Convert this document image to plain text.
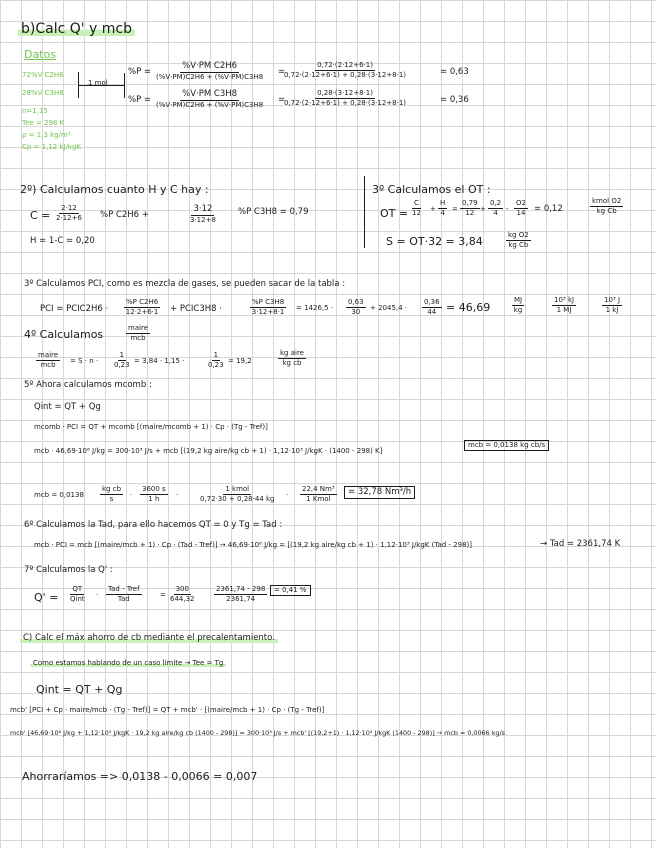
b)Calc Q' y mcb
Datos
72%V C2H6
28%V C3H8
n=1,15
Tee = 298 K
ρ = 1,3 kg/m³
Cp = 1,12 kJ/kgK
1 mol
%P =
%V·PM C2H6
(%V·PM)C2H6 + (%V·PM)C3H8 =
$\frac{0,72\cdot(2\cdot 12+6\cdot 1)}{0,72\cdot(2\cdot 12+6\cdot 1) + 0,28\cdot(3\cdot 12+8\cdot 1)}$	= 0,63
%P =
%V·PM C3H8
(%V·PM)C2H6 + (%V·PM)C3H8 =
$\frac{0,28\cdot(3\cdot 12+8\cdot 1)}{0,72\cdot(2\cdot 12+6\cdot 1) + 0,28\cdot(3\cdot 12+8\cdot 1)}$	= 0,36
2º) Calculamos cuanto H y C hay :
$C = \frac{2\cdot 12}{2\cdot 12+6} \%P$ C2H6 +
3·12
3·12+8
%P C3H8 = 0,79
H = 1-C = 0,20
3º Calculamos el OT :
OT = $\frac{C}{12} + \frac{H}{4} = \frac{0,79}{12} + \frac{0,2}{4} - \frac{O2}{14} = 0,12$
kmol O2
kg Cb
S = OT·32 = 3,84	$\frac{\text{kg O2}}{\text{kg Cb}}$
3º Calculamos PCI, como es mezcla de gases, se pueden sacar de la tabla :
PCI = PCIC2H6 · $\frac{\text{\%P C2H6}}{12\cdot 2+6\cdot 1}$ + PCIC3H8 ·	$\frac{\text{\%P C3H8}}{3\cdot 12+8\cdot 1} = 1426,5 \cdot \frac{0,63}{30} + 2045,4 \cdot \frac{0,36}{44} = 46,69$	$\frac{MJ}{kg}$	$\frac{\text{10³ kJ}}{1 MJ}$	$\frac{\text{10³ J}}{1 kJ}$
4º Calculamos	maire
mcb
maire
mcb = $S \cdot n \cdot \frac{1}{0,23} = 3,84 \cdot 1,15$ ·	$\frac{1}{0,23} = 19,2$
kg aire
kg cb
5º Ahora calculamos mcomb :
Qint = QT + Qg
mcomb · PCI = QT + mcomb [(maire/mcomb + 1) · Cp · (Tg - Tref)]
mcb · 46,69·10⁶ J/kg = 300·10³ J/s + mcb [(19,2 kg aire/kg cb + 1) · 1,12·10³ J/kgK · (1400 - 298) K]
mcb = 0,0138 kg cb/s
mcb = $0,0138 \frac{\text{kg cb}}{s} \cdot \frac{3600 s}{1 h}$ ·
1 kmol
0,72·30 + 0,28·44 kg ·
22,4 Nm³
1 Kmol
= 32,78 Nm³/h
6º Calculamos la Tad, para ello hacemos QT = 0 y Tg = Tad :
mcb · PCI = mcb [(maire/mcb + 1) · Cp · (Tad - Tref)] → 46,69·10⁶ J/kg = [(19,2 kg aire/kg cb + 1) · 1,12·10³ J/kgK (Tad - 298)]	→ Tad = 2361,74 K
7º Calculamos la Q' :
Q' =
QT
Qint ·
Tad - Tref
Tad	= $\frac{300}{644,32}$	$\frac{2361,74 - 298}{2361,74} = 0,41$ %
C) Calc el máx ahorro de cb mediante el precalentamiento.
Como estamos hablando de un caso límite → Tee = Tg
Qint = QT + Qg
mcb' [PCI + Cp · maire/mcb · (Tg - Tref)] = QT + mcb' · [(maire/mcb + 1) · Cp · (Tg - Tref)]
mcb' [46,69·10⁶ J/kg + 1,12·10³ J/kgK · 19,2 kg aire/kg cb (1400 - 298)] = 300·10³ J/s + mcb' [(19,2+1) · 1,12·10³ J/kgK (1400 - 298)] → mcb = 0,0066 kg/s
Ahorraríamos => 0,0138 - 0,0066 = 0,007
